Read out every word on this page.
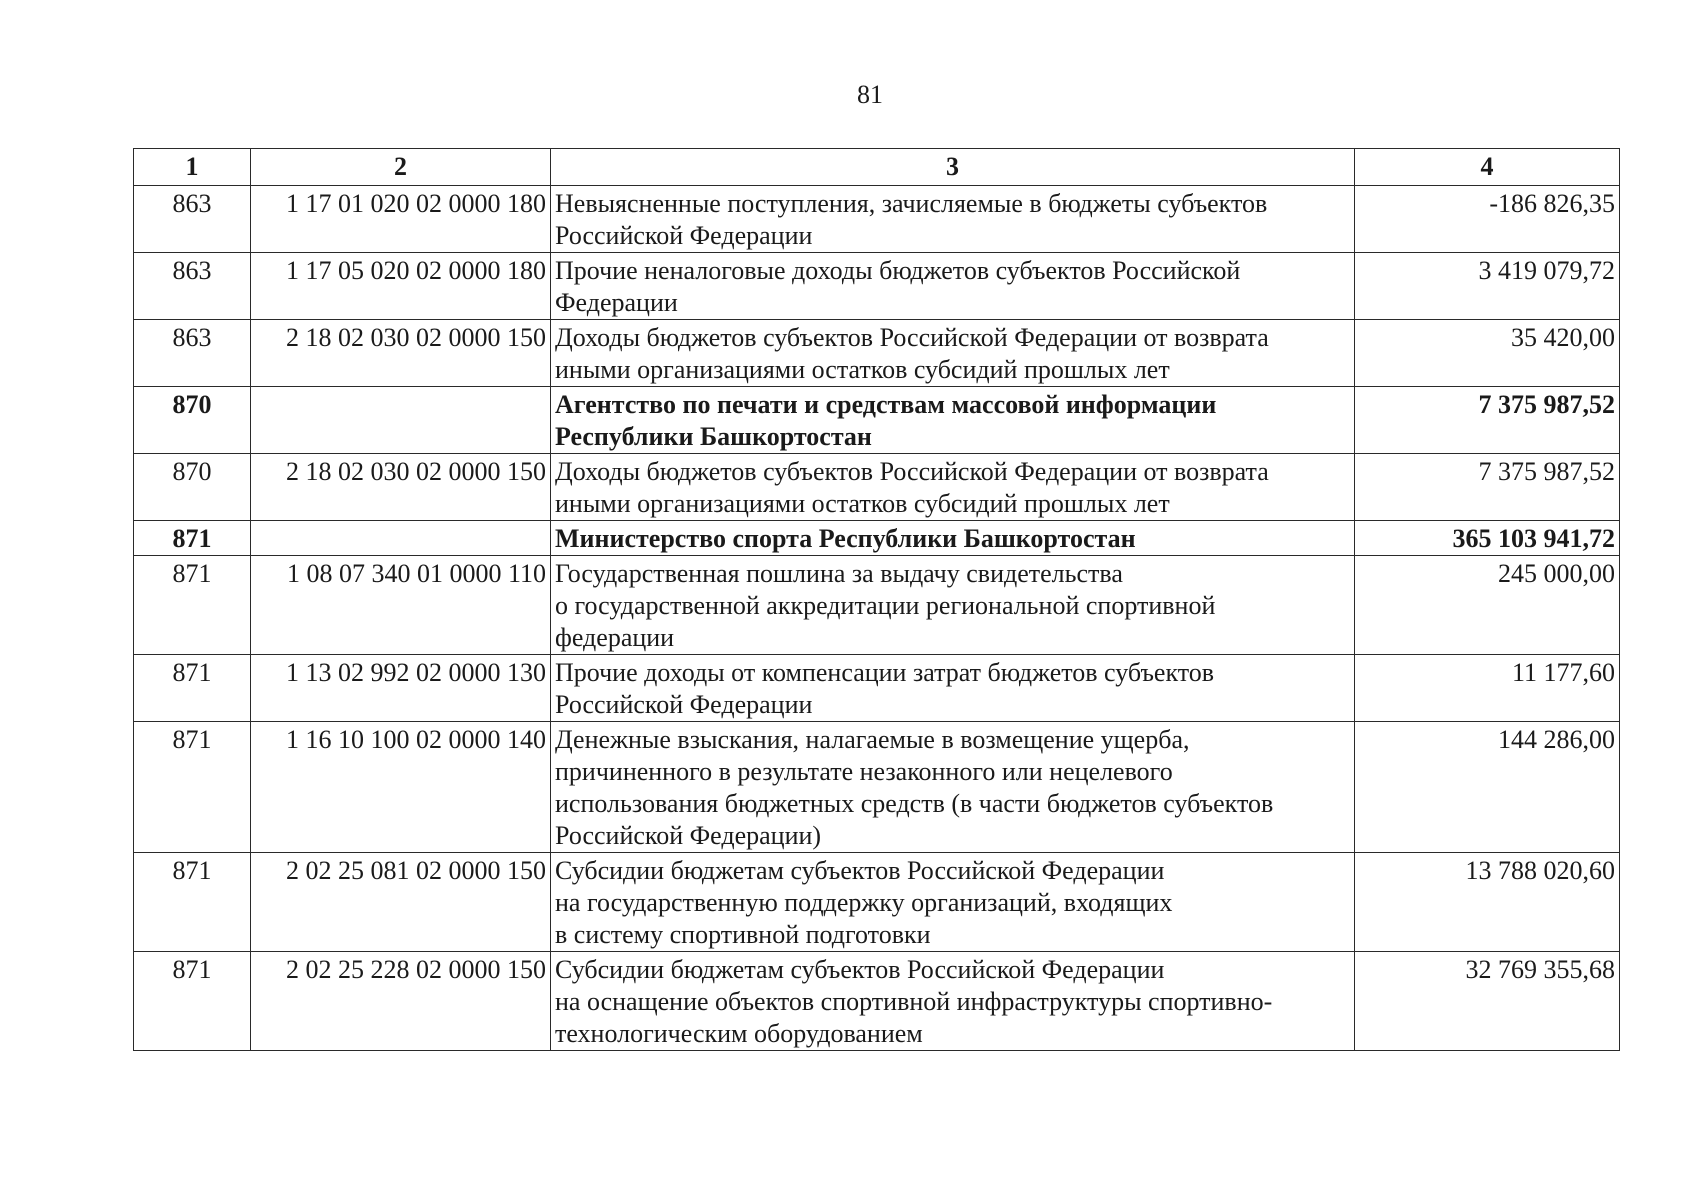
81
1	2	3	4
863	1 17 01 020 02 0000 180	Невыясненные поступления, зачисляемые в бюджеты субъектов
Российской Федерации	-186 826,35
863	1 17 05 020 02 0000 180	Прочие неналоговые доходы бюджетов субъектов Российской
Федерации	3 419 079,72
863	2 18 02 030 02 0000 150	Доходы бюджетов субъектов Российской Федерации от возврата
иными организациями остатков субсидий прошлых лет	35 420,00
870		Агентство по печати и средствам массовой информации
Республики Башкортостан	7 375 987,52
870	2 18 02 030 02 0000 150	Доходы бюджетов субъектов Российской Федерации от возврата
иными организациями остатков субсидий прошлых лет	7 375 987,52
871		Министерство спорта Республики Башкортостан	365 103 941,72
871	1 08 07 340 01 0000 110	Государственная пошлина за выдачу свидетельства
о государственной аккредитации региональной спортивной
федерации	245 000,00
871	1 13 02 992 02 0000 130	Прочие доходы от компенсации затрат бюджетов субъектов
Российской Федерации	11 177,60
871	1 16 10 100 02 0000 140	Денежные взыскания, налагаемые в возмещение ущерба,
причиненного в результате незаконного или нецелевого
использования бюджетных средств (в части бюджетов субъектов
Российской Федерации)	144 286,00
871	2 02 25 081 02 0000 150	Субсидии бюджетам субъектов Российской Федерации
на государственную поддержку организаций, входящих
в систему спортивной подготовки	13 788 020,60
871	2 02 25 228 02 0000 150	Субсидии бюджетам субъектов Российской Федерации
на оснащение объектов спортивной инфраструктуры спортивно-
технологическим оборудованием	32 769 355,68
